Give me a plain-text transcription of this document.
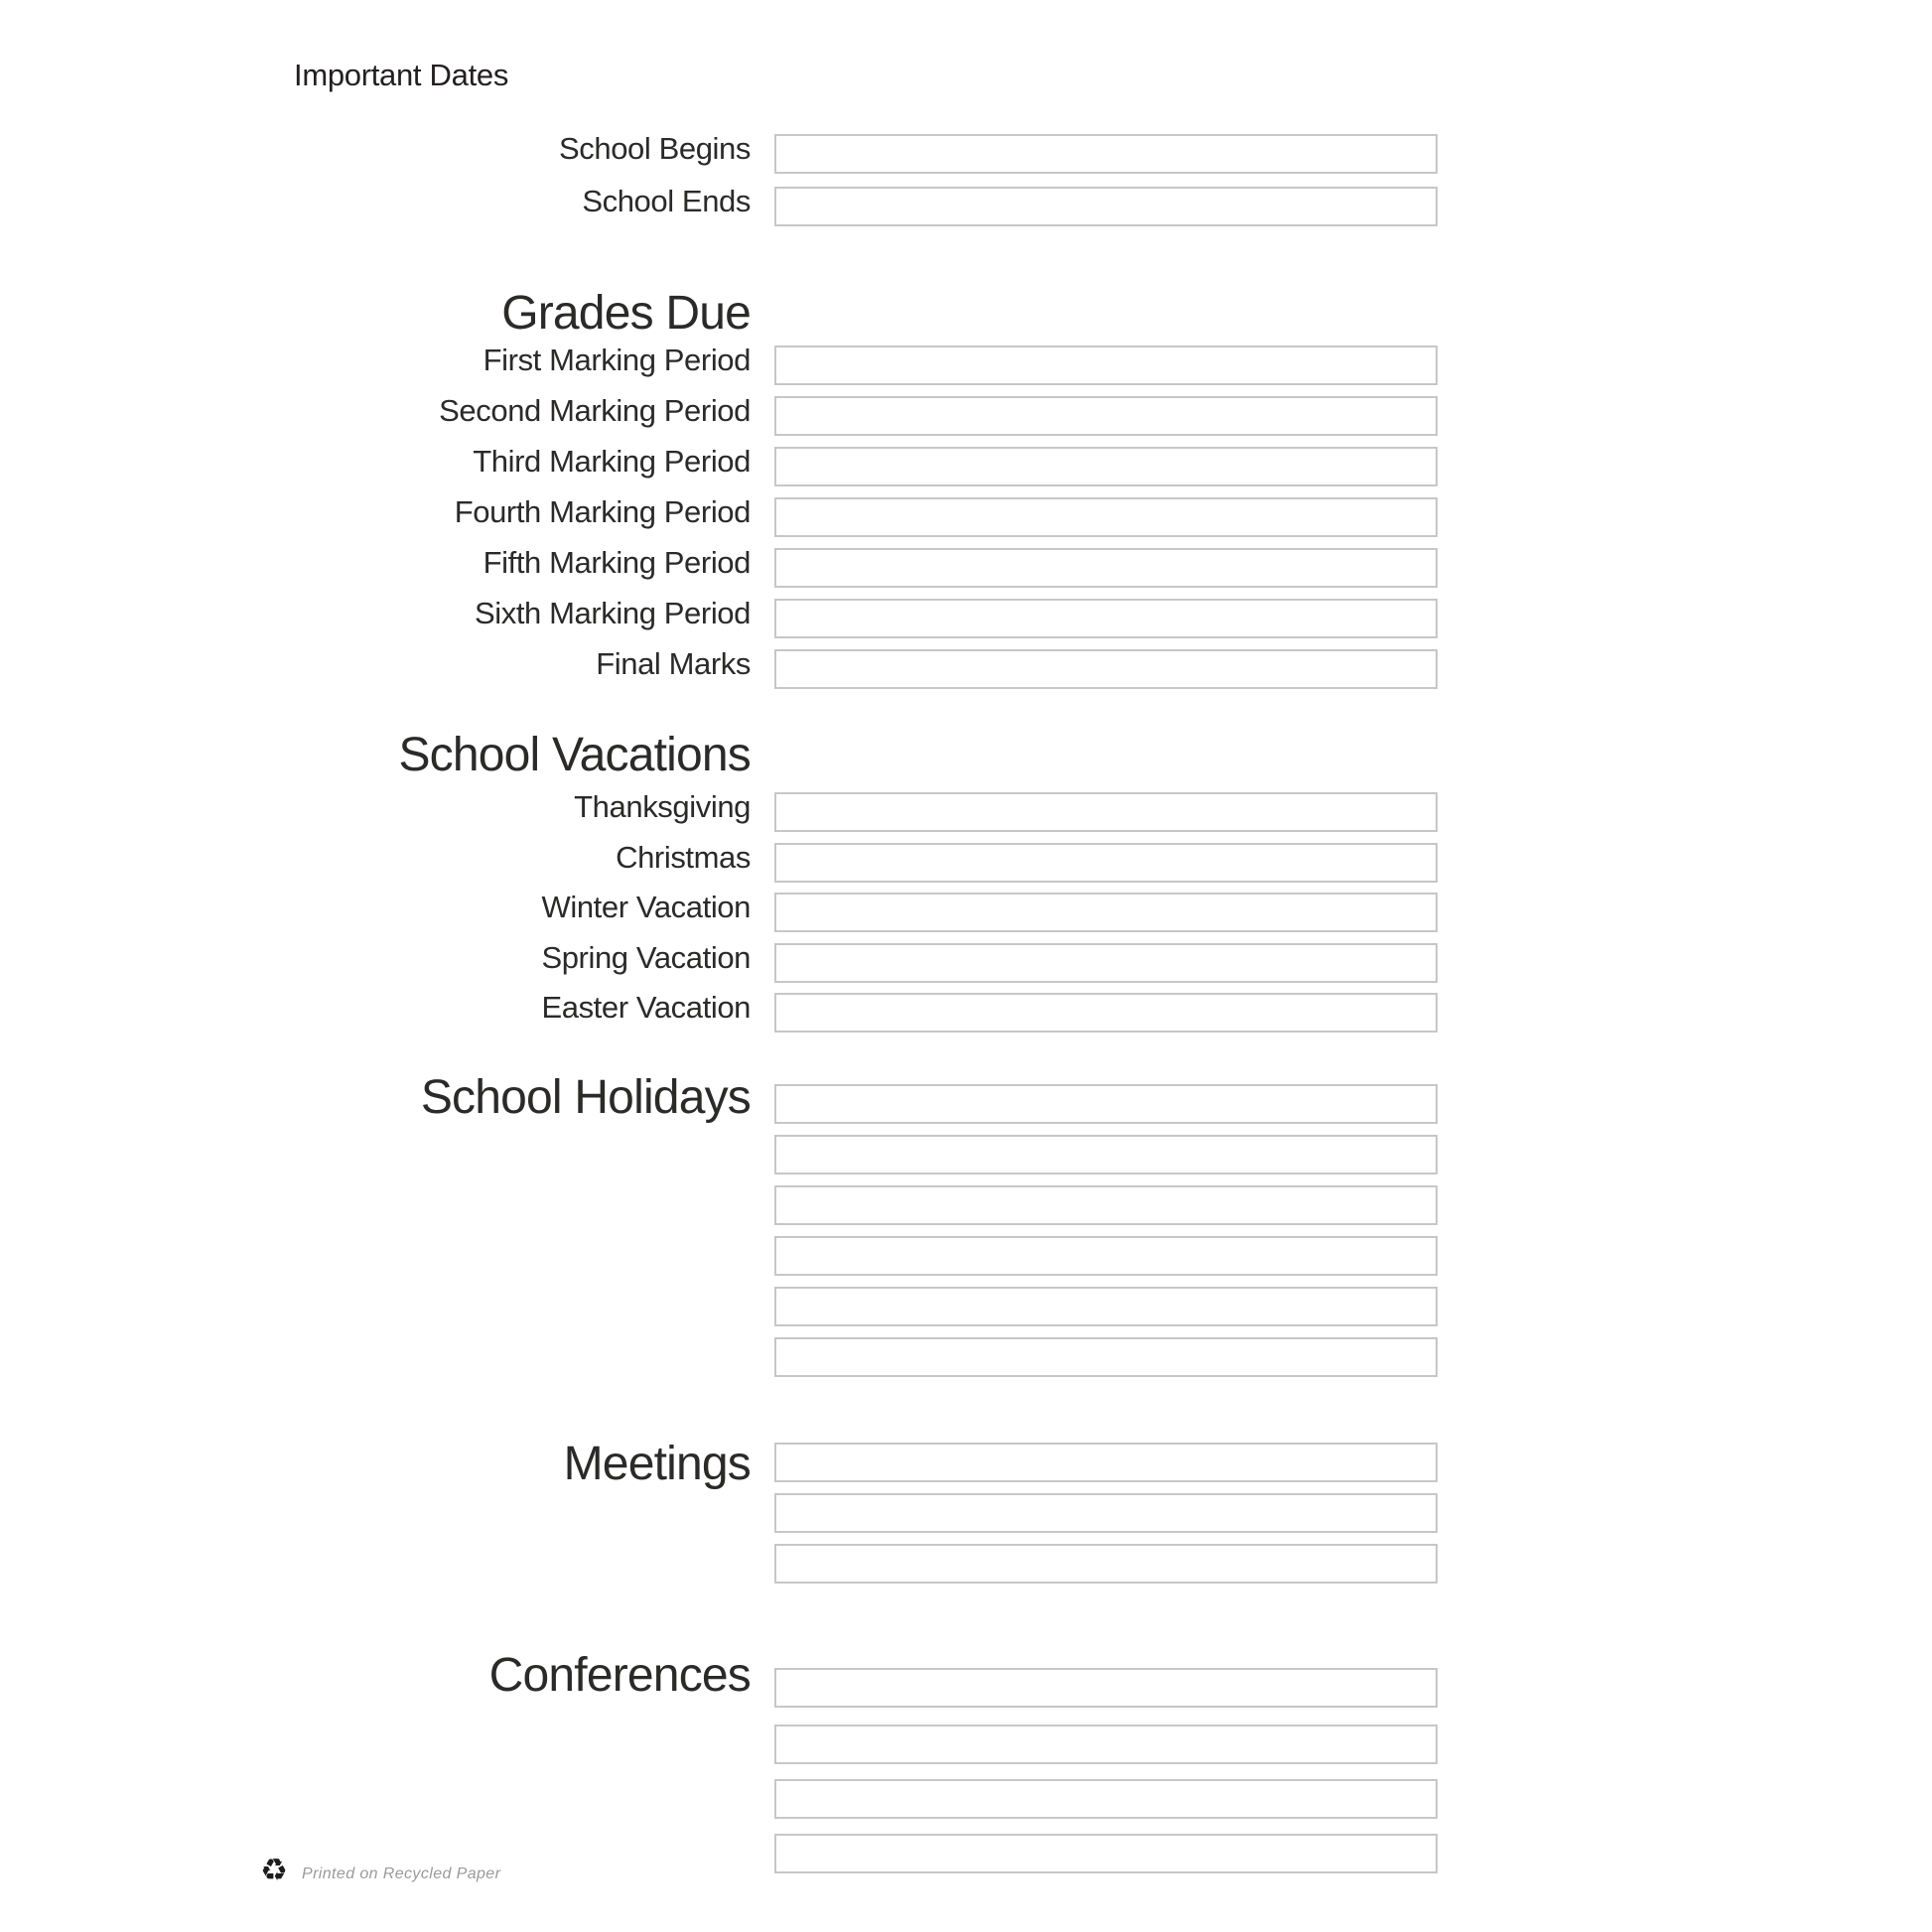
Important Dates
School Begins
School Ends
Grades Due
First Marking Period
Second Marking Period
Third Marking Period
Fourth Marking Period
Fifth Marking Period
Sixth Marking Period
Final Marks
School Vacations
Thanksgiving
Christmas
Winter Vacation
Spring Vacation
Easter Vacation
School Holidays
Meetings
Conferences
♻ Printed on Recycled Paper
